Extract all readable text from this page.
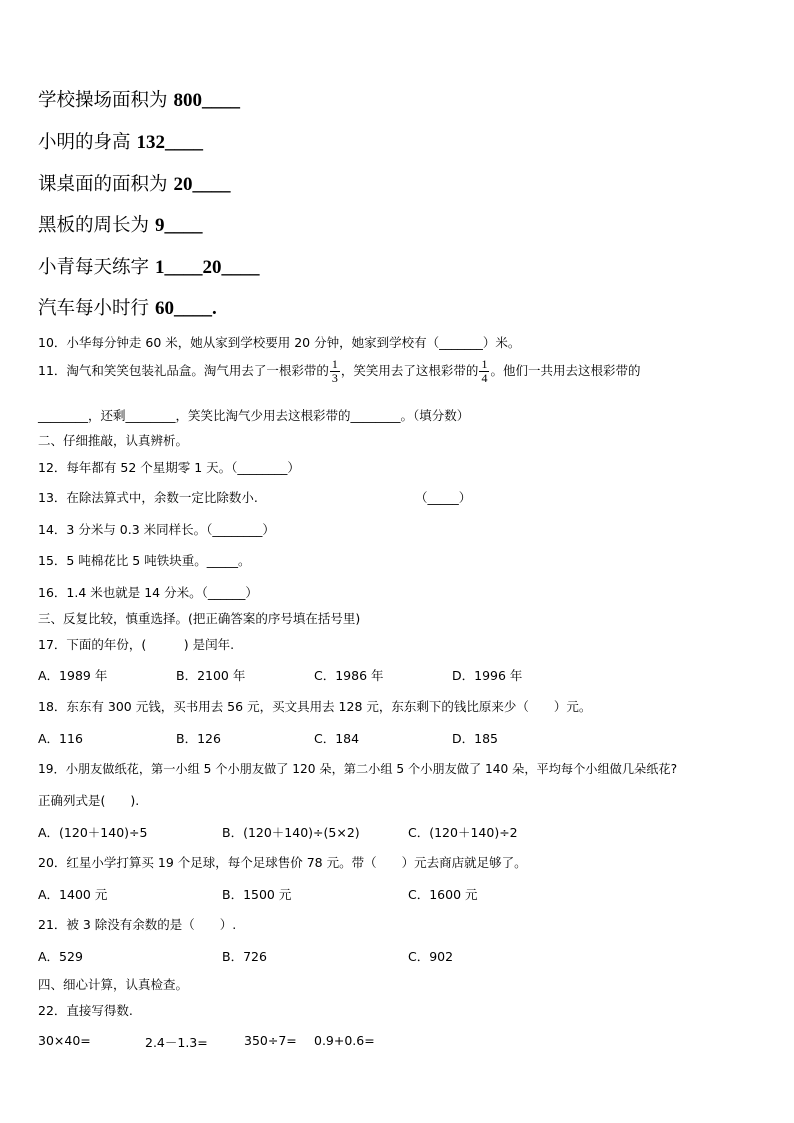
学校操场面积为 800____
小明的身高 132____
课桌面的面积为 20____
黑板的周长为 9____
小青每天练字 1____20____
汽车每小时行 60____.
10．小华每分钟走 60 米，她从家到学校要用 20 分钟，她家到学校有（_______）米。
11．淘气和笑笑包装礼品盒。淘气用去了一根彩带的 $\frac{1}{3}$ ，笑笑用去了这根彩带的 $\frac{1}{4}$ 。他们一共用去这根彩带的
________，还剩________，笑笑比淘气少用去这根彩带的________。（填分数）
二、仔细推敲，认真辨析。
12．每年都有 52 个星期零 1 天。（________）
13．在除法算式中，余数一定比除数小.	（_____）
14．3 分米与 0.3 米同样长。（________）
15．5 吨棉花比 5 吨铁块重。_____。
16．1.4 米也就是 14 分米。（______）
三、反复比较，慎重选择。(把正确答案的序号填在括号里)
17．下面的年份，(　　　) 是闰年.
A．1989 年	B．2100 年	C．1986 年	D．1996 年
18．东东有 300 元钱，买书用去 56 元，买文具用去 128 元，东东剩下的钱比原来少（　　）元。
A．116	B．126	C．184	D．185
19．小朋友做纸花，第一小组 5 个小朋友做了 120 朵，第二小组 5 个小朋友做了 140 朵，平均每个小组做几朵纸花?
正确列式是(　　).
A．(120＋140)÷5	B．(120＋140)÷(5×2)	C．(120＋140)÷2
20．红星小学打算买 19 个足球，每个足球售价 78 元。带（　　）元去商店就足够了。
A．1400 元	B．1500 元	C．1600 元
21．被 3 除没有余数的是（　　）.
A．529	B．726	C．902
四、细心计算，认真检查。
22．直接写得数.
30×40=	2.4－1.3=	350÷7= 0.9+0.6=
